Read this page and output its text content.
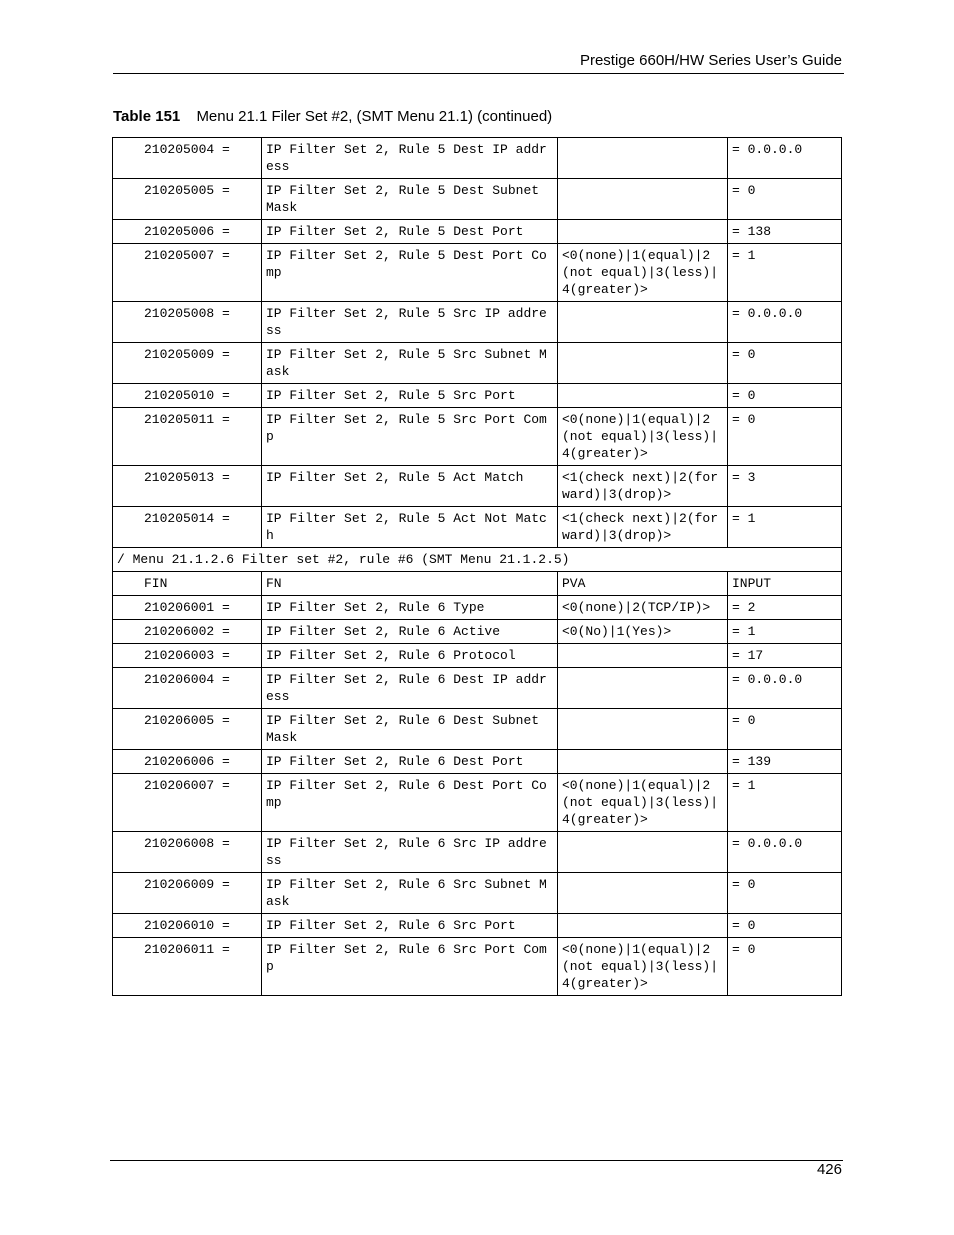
Prestige 660H/HW Series User’s Guide
Table 151 Menu 21.1 Filer Set #2, (SMT Menu 21.1) (continued)
210205004 =	IP Filter Set 2, Rule 5 Dest IP address		= 0.0.0.0
210205005 =	IP Filter Set 2, Rule 5 Dest Subnet Mask		= 0
210205006 =	IP Filter Set 2, Rule 5 Dest Port		= 138
210205007 =	IP Filter Set 2, Rule 5 Dest Port Comp	<0(none)|1(equal)|2(not equal)|3(less)|4(greater)>	= 1
210205008 =	IP Filter Set 2, Rule 5 Src IP address		= 0.0.0.0
210205009 =	IP Filter Set 2, Rule 5 Src Subnet Mask		= 0
210205010 =	IP Filter Set 2, Rule 5 Src Port		= 0
210205011 =	IP Filter Set 2, Rule 5 Src Port Comp	<0(none)|1(equal)|2(not equal)|3(less)|4(greater)>	= 0
210205013 =	IP Filter Set 2, Rule 5 Act Match	<1(check next)|2(forward)|3(drop)>	= 3
210205014 =	IP Filter Set 2, Rule 5 Act Not Match	<1(check next)|2(forward)|3(drop)>	= 1
/ Menu 21.1.2.6 Filter set #2, rule #6 (SMT Menu 21.1.2.5)			
FIN	FN	PVA	INPUT
210206001 =	IP Filter Set 2, Rule 6 Type	<0(none)|2(TCP/IP)>	= 2
210206002 =	IP Filter Set 2, Rule 6 Active	<0(No)|1(Yes)>	= 1
210206003 =	IP Filter Set 2, Rule 6 Protocol		= 17
210206004 =	IP Filter Set 2, Rule 6 Dest IP address		= 0.0.0.0
210206005 =	IP Filter Set 2, Rule 6 Dest Subnet Mask		= 0
210206006 =	IP Filter Set 2, Rule 6 Dest Port		= 139
210206007 =	IP Filter Set 2, Rule 6 Dest Port Comp	<0(none)|1(equal)|2(not equal)|3(less)|4(greater)>	= 1
210206008 =	IP Filter Set 2, Rule 6 Src IP address		= 0.0.0.0
210206009 =	IP Filter Set 2, Rule 6 Src Subnet Mask		= 0
210206010 =	IP Filter Set 2, Rule 6 Src Port		= 0
210206011 =	IP Filter Set 2, Rule 6 Src Port Comp	<0(none)|1(equal)|2(not equal)|3(less)|4(greater)>	= 0
426
